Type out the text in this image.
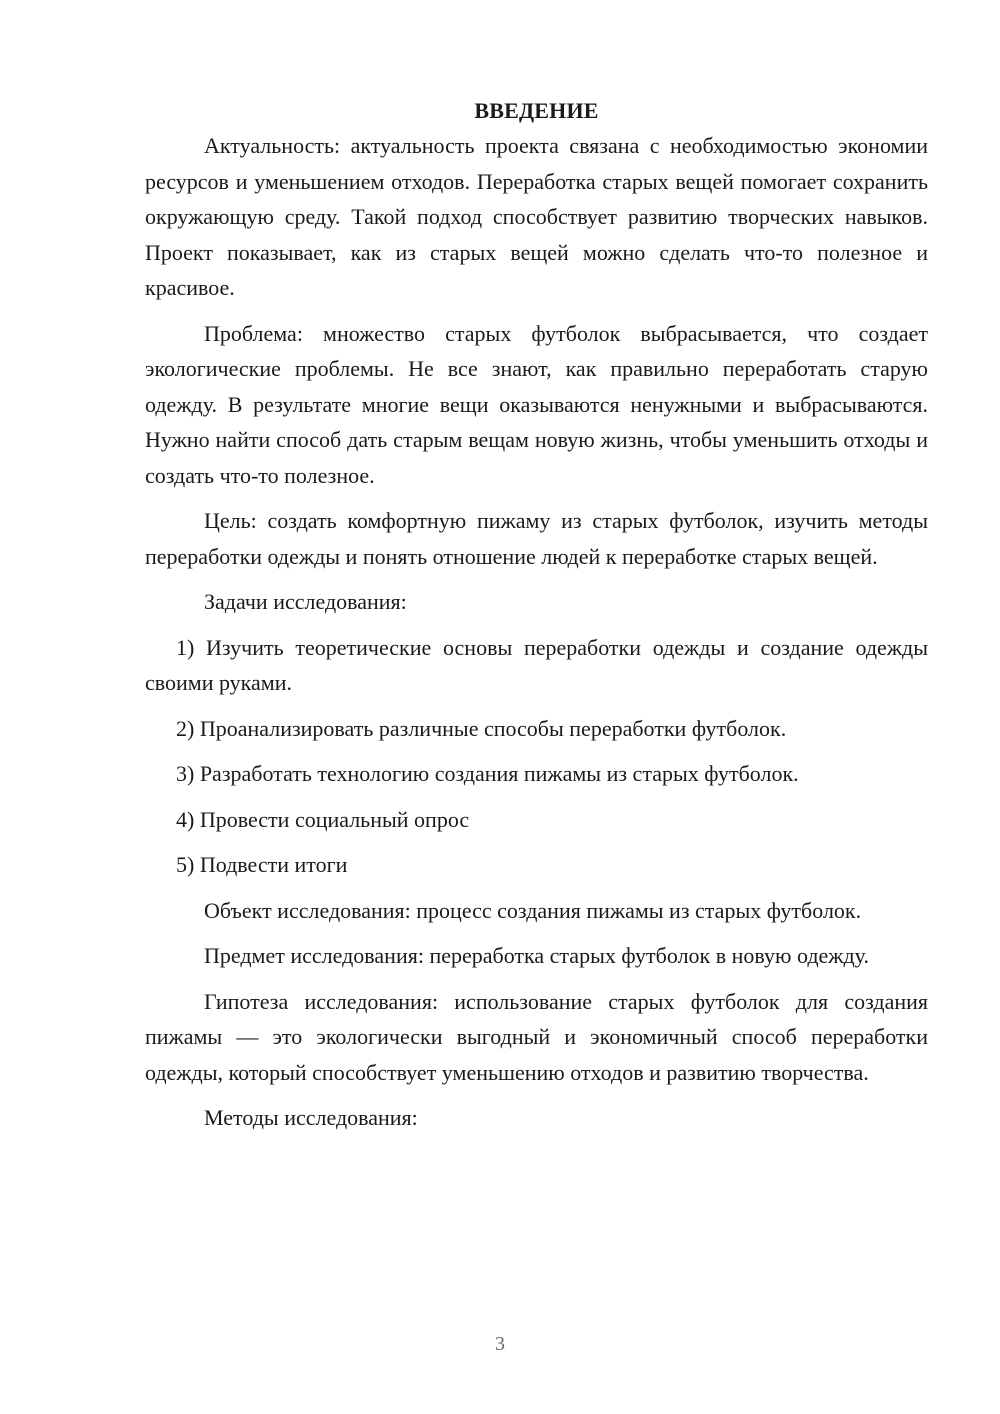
ВВЕДЕНИЕ

Актуальность: актуальность проекта связана с необходимостью экономии ресурсов и уменьшением отходов. Переработка старых вещей помогает сохранить окружающую среду. Такой подход способствует развитию творческих навыков. Проект показывает, как из старых вещей можно сделать что-то полезное и красивое.

Проблема: множество старых футболок выбрасывается, что создает экологические проблемы. Не все знают, как правильно переработать старую одежду. В результате многие вещи оказываются ненужными и выбрасываются. Нужно найти способ дать старым вещам новую жизнь, чтобы уменьшить отходы и создать что-то полезное.

Цель: создать комфортную пижаму из старых футболок, изучить методы переработки одежды и понять отношение людей к переработке старых вещей.

Задачи исследования:

1) Изучить теоретические основы переработки одежды и создание одежды своими руками.

2) Проанализировать различные способы переработки футболок.

3) Разработать технологию создания пижамы из старых футболок.

4) Провести социальный опрос

5) Подвести итоги

Объект исследования: процесс создания пижамы из старых футболок.

Предмет исследования: переработка старых футболок в новую одежду.

Гипотеза исследования: использование старых футболок для создания пижамы — это экологически выгодный и экономичный способ переработки одежды, который способствует уменьшению отходов и развитию творчества.

Методы исследования:

3
